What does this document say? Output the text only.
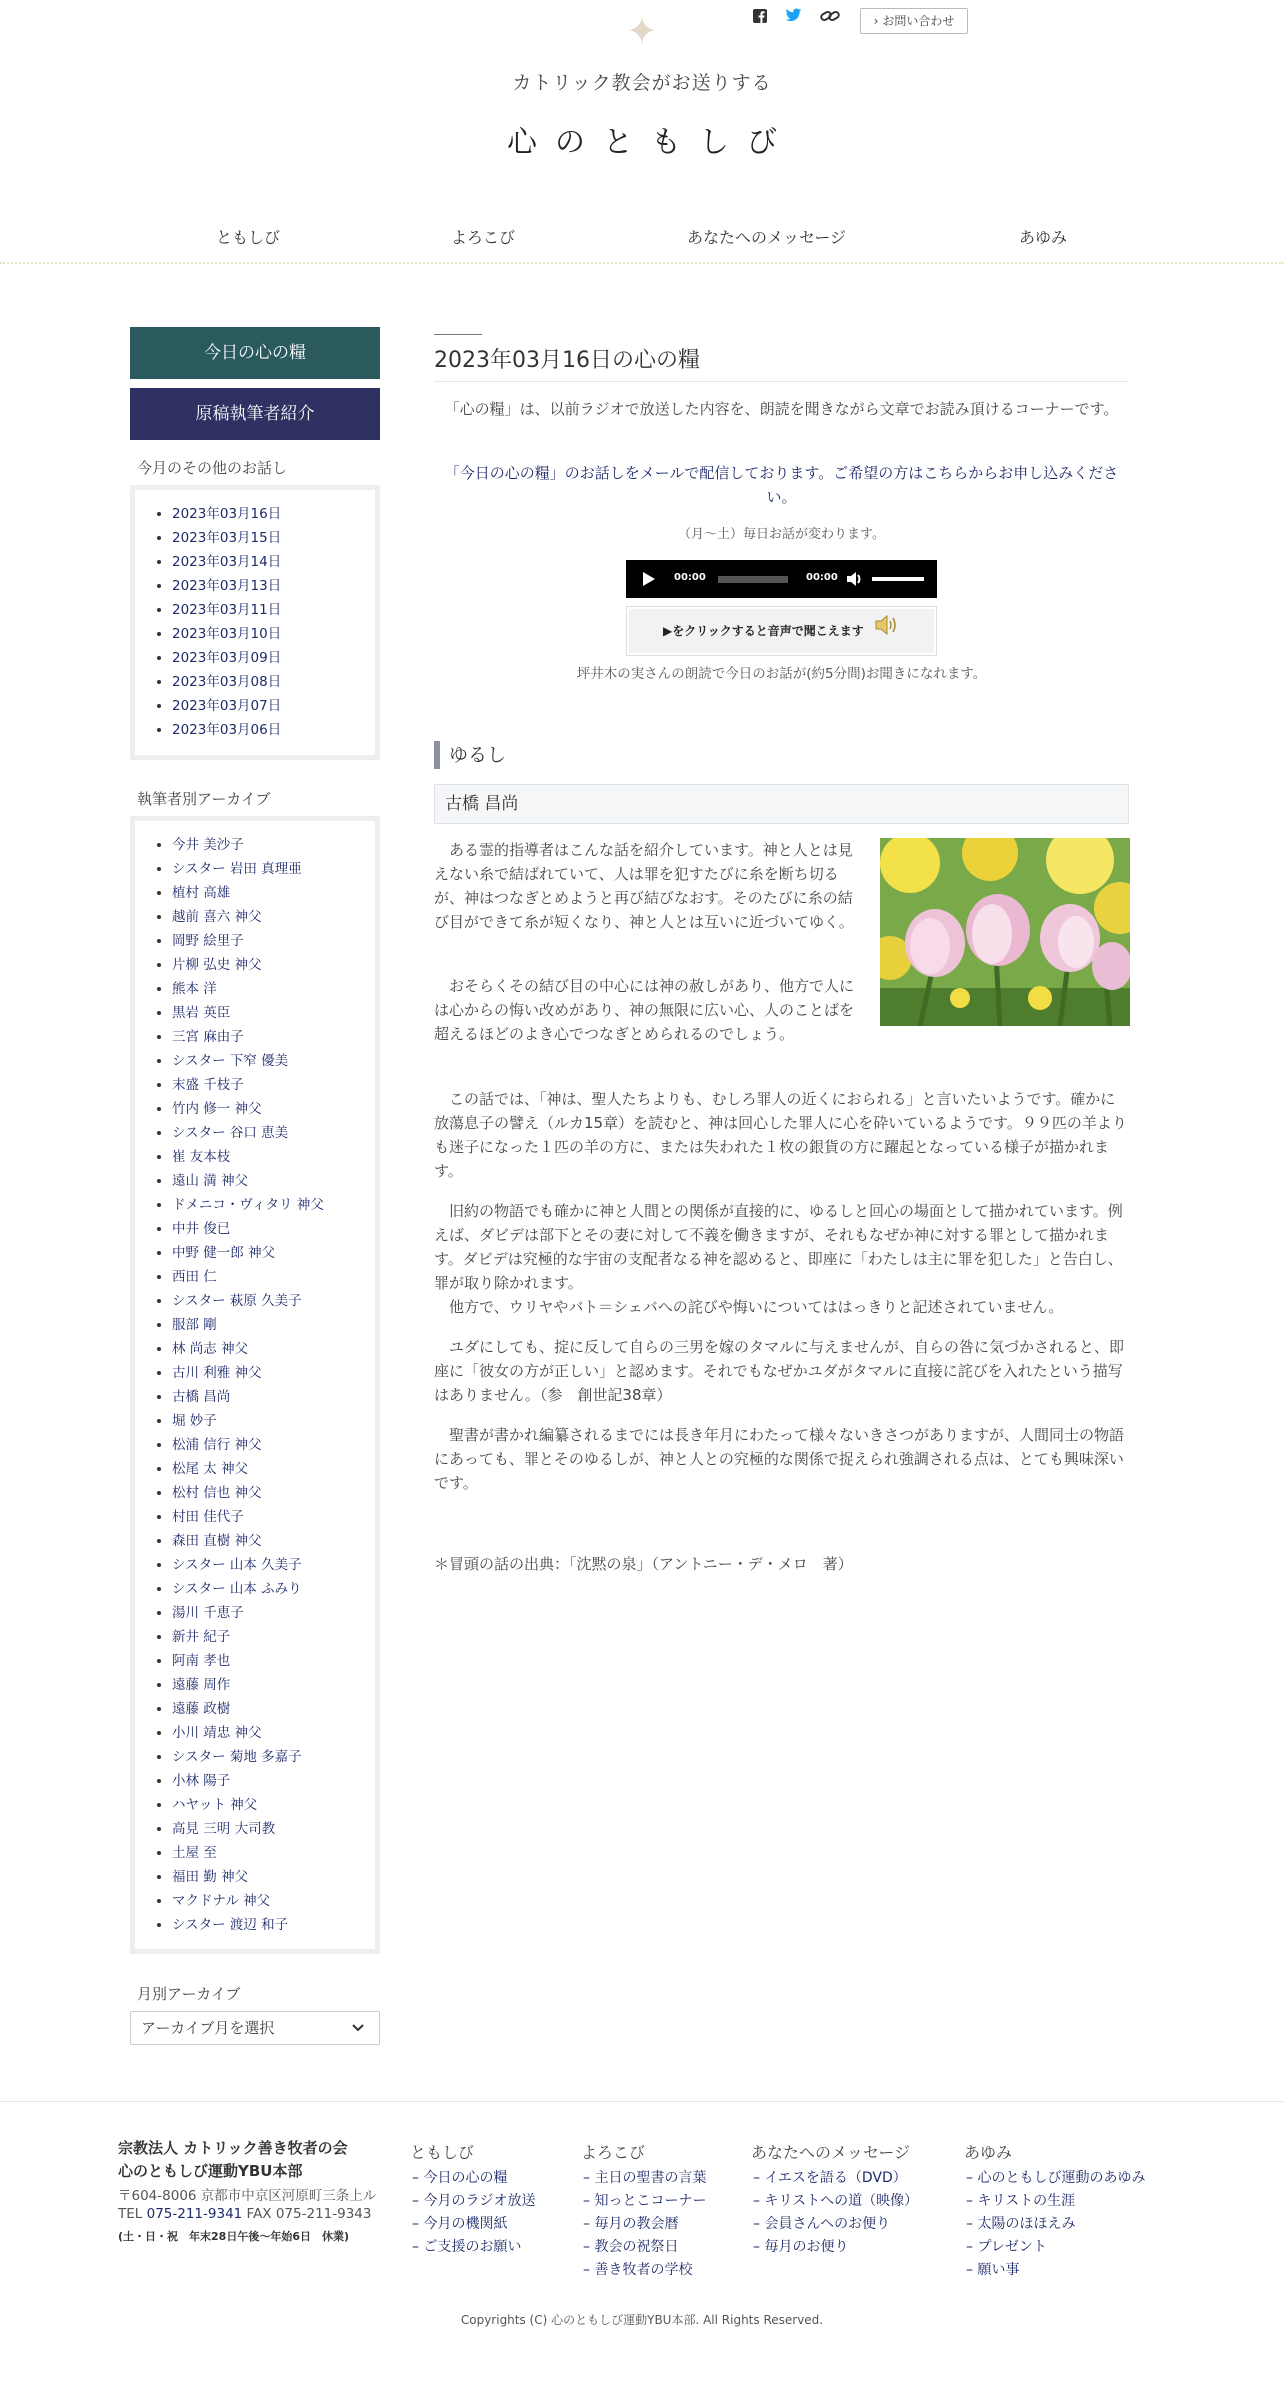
✦	› お問い合わせ
カトリック教会がお送りする
心のともしび
ともしび	よろこび	あなたへのメッセージ	あゆみ
今日の心の糧
原稿執筆者紹介
今月のその他のお話し
• 2023年03月16日
• 2023年03月15日
• 2023年03月14日
• 2023年03月13日
• 2023年03月11日
• 2023年03月10日
• 2023年03月09日
• 2023年03月08日
• 2023年03月07日
• 2023年03月06日
執筆者別アーカイブ
• 今井 美沙子
• シスター 岩田 真理亜
• 植村 高雄
• 越前 喜六 神父
• 岡野 絵里子
• 片柳 弘史 神父
• 熊本 洋
• 黒岩 英臣
• 三宮 麻由子
• シスター 下窄 優美
• 末盛 千枝子
• 竹内 修一 神父
• シスター 谷口 恵美
• 崔 友本枝
• 遠山 満 神父
• ドメニコ・ヴィタリ 神父
• 中井 俊已
• 中野 健一郎 神父
• 西田 仁
• シスター 萩原 久美子
• 服部 剛
• 林 尚志 神父
• 古川 利雅 神父
• 古橋 昌尚
• 堀 妙子
• 松浦 信行 神父
• 松尾 太 神父
• 松村 信也 神父
• 村田 佳代子
• 森田 直樹 神父
• シスター 山本 久美子
• シスター 山本 ふみり
• 湯川 千恵子
• 新井 紀子
• 阿南 孝也
• 遠藤 周作
• 遠藤 政樹
• 小川 靖忠 神父
• シスター 菊地 多嘉子
• 小林 陽子
• ハヤット 神父
• 高見 三明 大司教
• 土屋 至
• 福田 勤 神父
• マクドナル 神父
• シスター 渡辺 和子
月別アーカイブ
アーカイブ月を選択
2023年03月16日の心の糧
「心の糧」は、以前ラジオで放送した内容を、朗読を聞きながら文章でお読み頂けるコーナーです。
「今日の心の糧」のお話しをメールで配信しております。ご希望の方はこちらからお申し込みください。
（月～土）毎日お話が変わります。
00:00	00:00
▶をクリックすると音声で聞こえます
坪井木の実さんの朗読で今日のお話が(約5分間)お聞きになれます。
ゆるし
古橋 昌尚
　ある霊的指導者はこんな話を紹介しています。神と人とは見えない糸で結ばれていて、人は罪を犯すたびに糸を断ち切るが、神はつなぎとめようと再び結びなおす。そのたびに糸の結び目ができて糸が短くなり、神と人とは互いに近づいてゆく。
　おそらくその結び目の中心には神の赦しがあり、他方で人には心からの悔い改めがあり、神の無限に広い心、人のことばを超えるほどのよき心でつなぎとめられるのでしょう。
　この話では、「神は、聖人たちよりも、むしろ罪人の近くにおられる」と言いたいようです。確かに放蕩息子の譬え（ルカ15章）を読むと、神は回心した罪人に心を砕いているようです。９９匹の羊よりも迷子になった１匹の羊の方に、または失われた１枚の銀貨の方に躍起となっている様子が描かれます。
　旧約の物語でも確かに神と人間との関係が直接的に、ゆるしと回心の場面として描かれています。例えば、ダビデは部下とその妻に対して不義を働きますが、それもなぜか神に対する罪として描かれます。ダビデは究極的な宇宙の支配者なる神を認めると、即座に「わたしは主に罪を犯した」と告白し、罪が取り除かれます。
　他方で、ウリヤやバト＝シェバへの詫びや悔いについてははっきりと記述されていません。
　ユダにしても、掟に反して自らの三男を嫁のタマルに与えませんが、自らの咎に気づかされると、即座に「彼女の方が正しい」と認めます。それでもなぜかユダがタマルに直接に詫びを入れたという描写はありません。（参　創世記38章）
　聖書が書かれ編纂されるまでには長き年月にわたって様々ないきさつがありますが、人間同士の物語にあっても、罪とそのゆるしが、神と人との究極的な関係で捉えられ強調される点は、とても興味深いです。
＊冒頭の話の出典：「沈黙の泉」（アントニー・デ・メロ　著）
宗教法人 カトリック善き牧者の会
心のともしび運動YBU本部
〒604-8006 京都市中京区河原町三条上ル
TEL 075-211-9341 FAX 075-211-9343
(土・日・祝　年末28日午後〜年始6日　休業)
ともしび
– 今日の心の糧
– 今月のラジオ放送
– 今月の機関紙
– ご支援のお願い
よろこび
– 主日の聖書の言葉
– 知っとこコーナー
– 毎月の教会暦
– 教会の祝祭日
– 善き牧者の学校
あなたへのメッセージ
– イエスを語る（DVD）
– キリストへの道（映像）
– 会員さんへのお便り
– 毎月のお便り
あゆみ
– 心のともしび運動のあゆみ
– キリストの生涯
– 太陽のほほえみ
– プレゼント
– 願い事
Copyrights (C) 心のともしび運動YBU本部. All Rights Reserved.
